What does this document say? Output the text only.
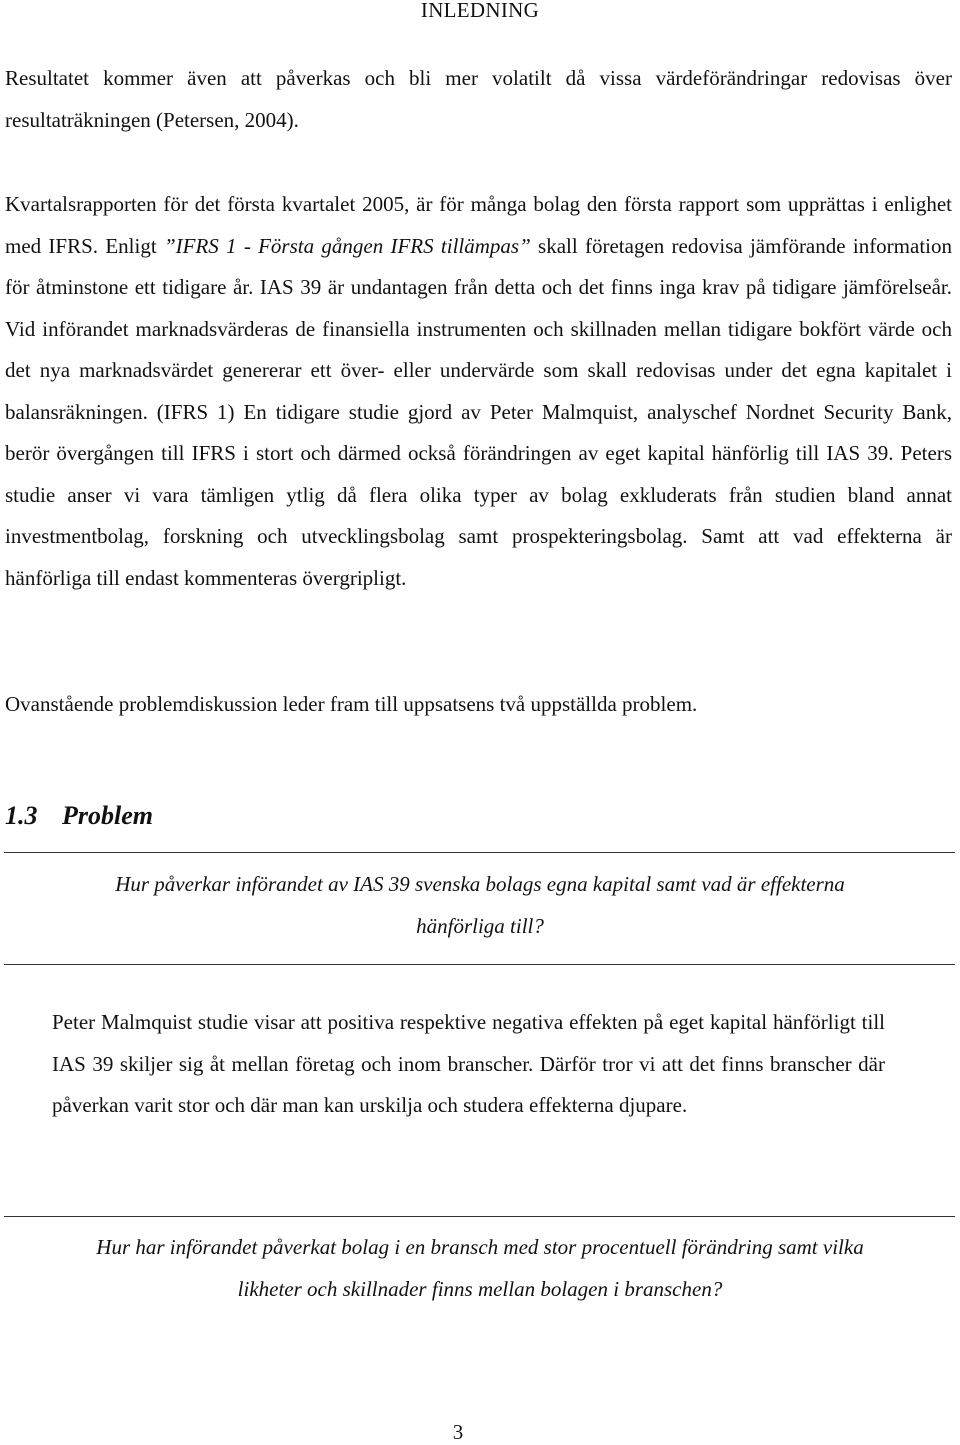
INLEDNING

Resultatet kommer även att påverkas och bli mer volatilt då vissa värdeförändringar redovisas över resultaträkningen (Petersen, 2004).

Kvartalsrapporten för det första kvartalet 2005, är för många bolag den första rapport som upprättas i enlighet med IFRS. Enligt ”IFRS 1 - Första gången IFRS tillämpas” skall företagen redovisa jämförande information för åtminstone ett tidigare år. IAS 39 är undantagen från detta och det finns inga krav på tidigare jämförelseår. Vid införandet marknadsvärderas de finansiella instrumenten och skillnaden mellan tidigare bokfört värde och det nya marknadsvärdet genererar ett över- eller undervärde som skall redovisas under det egna kapitalet i balansräkningen. (IFRS 1) En tidigare studie gjord av Peter Malmquist, analyschef Nordnet Security Bank, berör övergången till IFRS i stort och därmed också förändringen av eget kapital hänförlig till IAS 39. Peters studie anser vi vara tämligen ytlig då flera olika typer av bolag exkluderats från studien bland annat investmentbolag, forskning och utvecklingsbolag samt prospekteringsbolag. Samt att vad effekterna är hänförliga till endast kommenteras övergripligt.

Ovanstående problemdiskussion leder fram till uppsatsens två uppställda problem.

1.3 Problem

Hur påverkar införandet av IAS 39 svenska bolags egna kapital samt vad är effekterna
hänförliga till?

Peter Malmquist studie visar att positiva respektive negativa effekten på eget kapital hänförligt till IAS 39 skiljer sig åt mellan företag och inom branscher. Därför tror vi att det finns branscher där påverkan varit stor och där man kan urskilja och studera effekterna djupare.

Hur har införandet påverkat bolag i en bransch med stor procentuell förändring samt vilka
likheter och skillnader finns mellan bolagen i branschen?

3
